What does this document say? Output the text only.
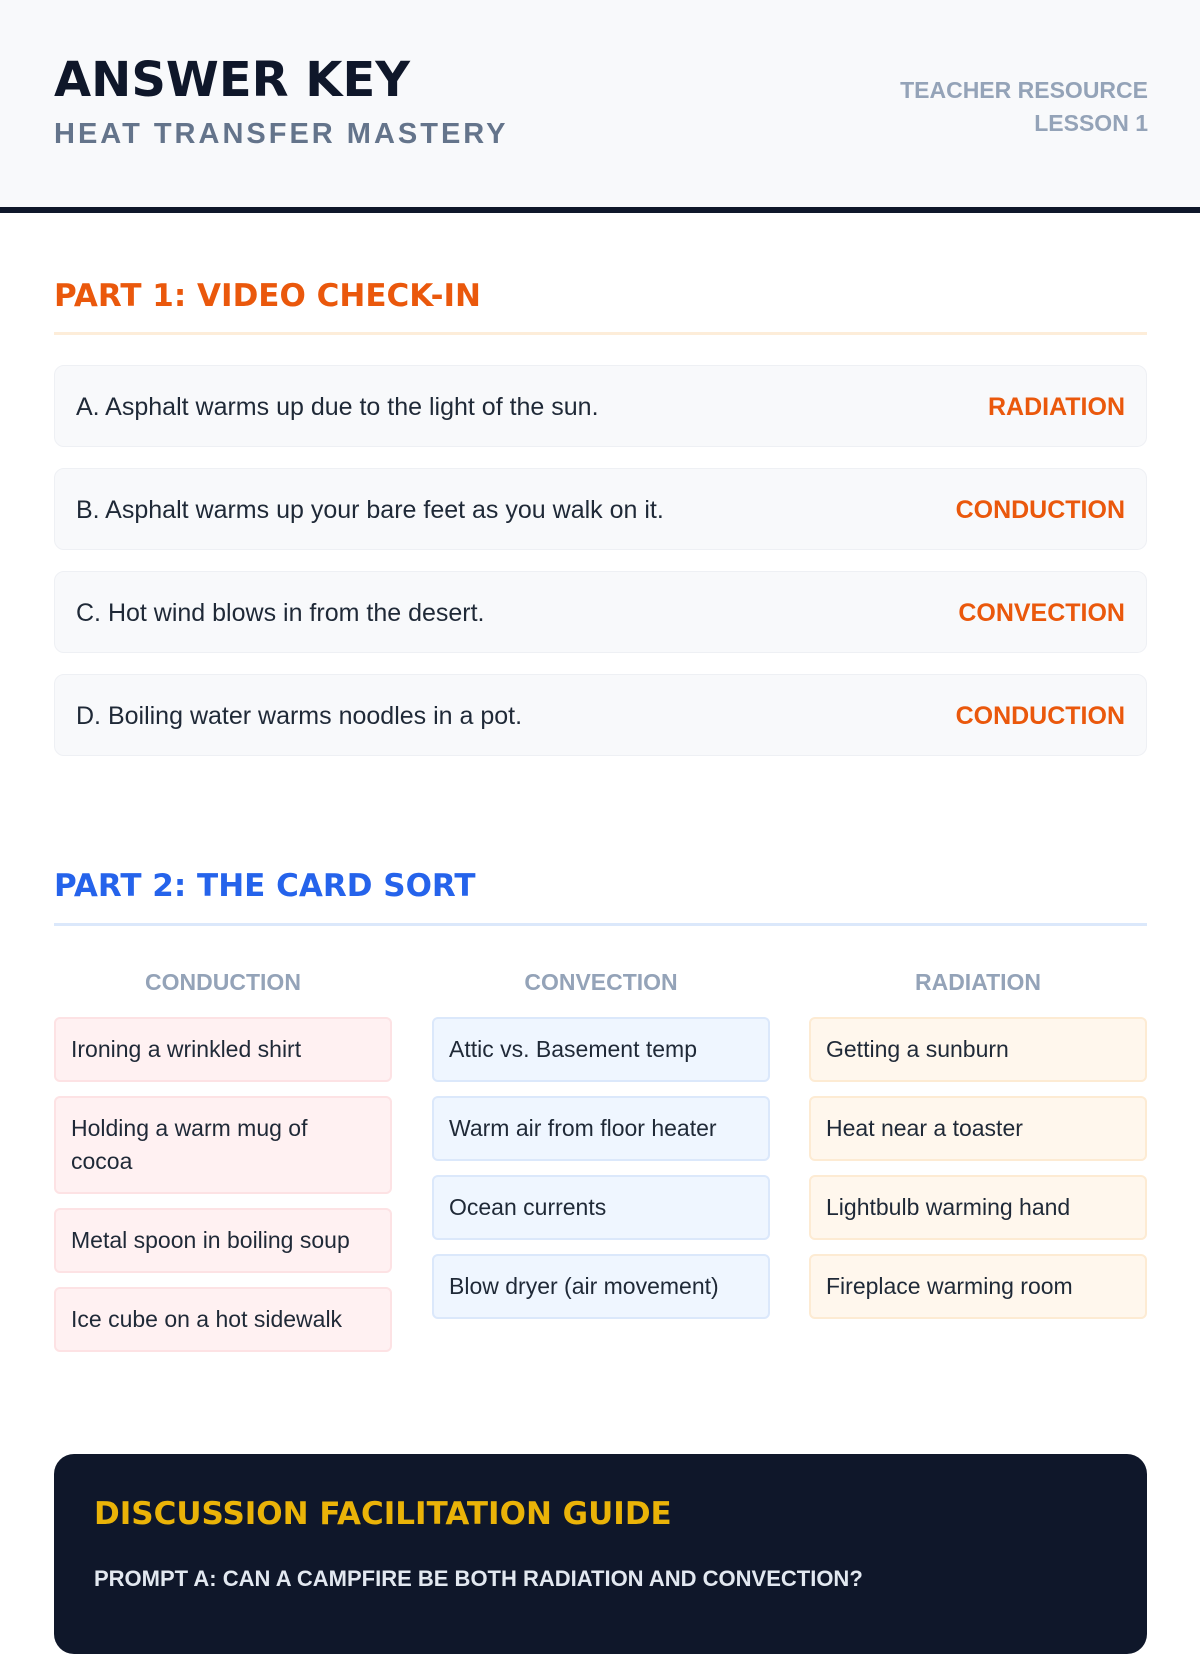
ANSWER KEY
HEAT TRANSFER MASTERY
TEACHER RESOURCE
LESSON 1
PART 1: VIDEO CHECK-IN
A. Asphalt warms up due to the light of the sun.	RADIATION
B. Asphalt warms up your bare feet as you walk on it.	CONDUCTION
C. Hot wind blows in from the desert.	CONVECTION
D. Boiling water warms noodles in a pot.	CONDUCTION
PART 2: THE CARD SORT
CONDUCTION
Ironing a wrinkled shirt
Holding a warm mug of cocoa
Metal spoon in boiling soup
Ice cube on a hot sidewalk
CONVECTION
Attic vs. Basement temp
Warm air from floor heater
Ocean currents
Blow dryer (air movement)
RADIATION
Getting a sunburn
Heat near a toaster
Lightbulb warming hand
Fireplace warming room
DISCUSSION FACILITATION GUIDE
PROMPT A: CAN A CAMPFIRE BE BOTH RADIATION AND CONVECTION?
